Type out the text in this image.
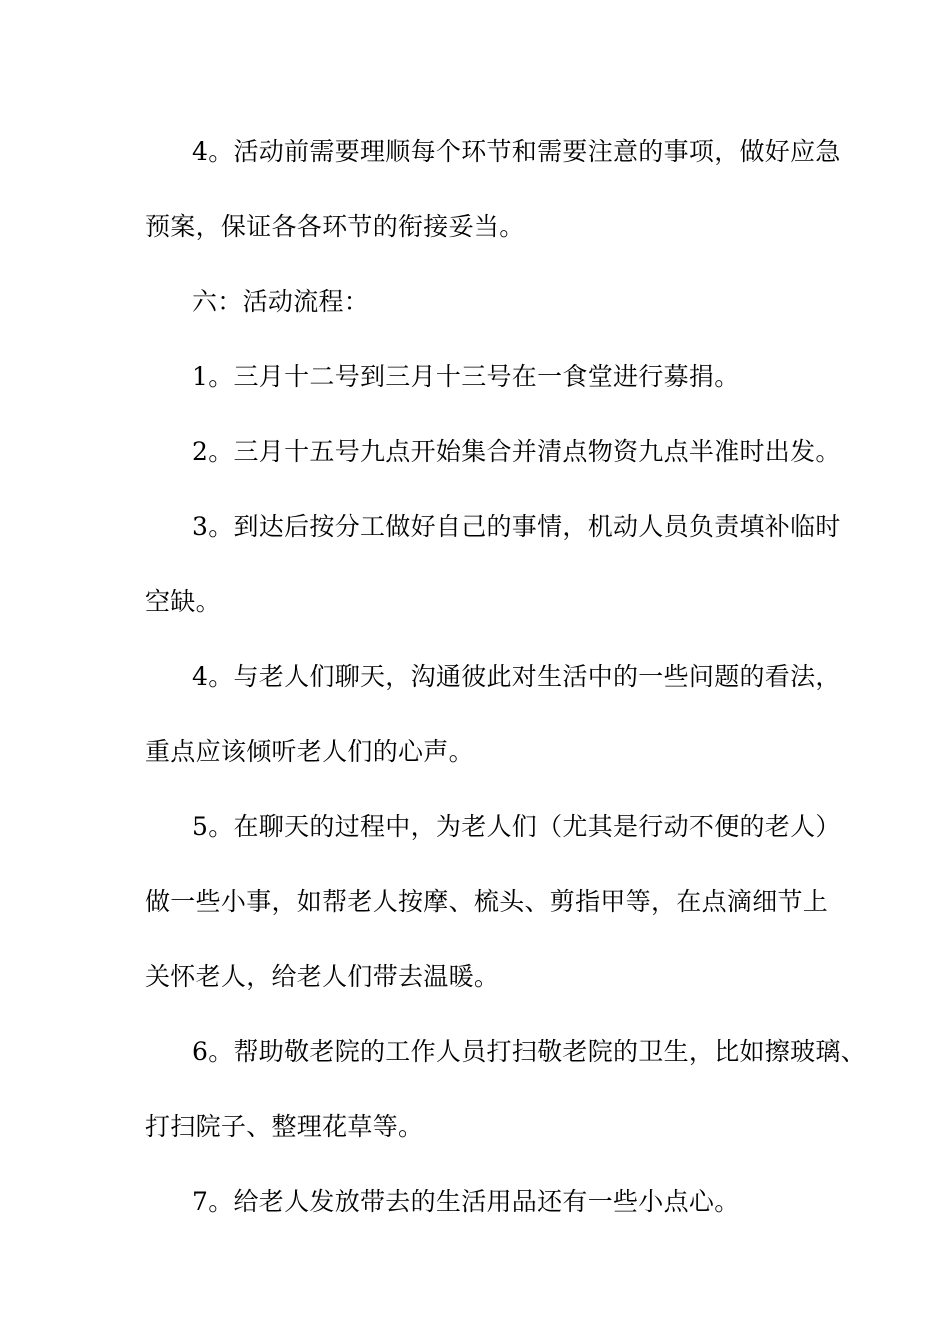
4。活动前需要理顺每个环节和需要注意的事项，做好应急
预案，保证各各环节的衔接妥当。
六：活动流程：
1。三月十二号到三月十三号在一食堂进行募捐。
2。三月十五号九点开始集合并清点物资九点半准时出发。
3。到达后按分工做好自己的事情，机动人员负责填补临时
空缺。
4。与老人们聊天，沟通彼此对生活中的一些问题的看法，
重点应该倾听老人们的心声。
5。在聊天的过程中，为老人们（尤其是行动不便的老人）
做一些小事，如帮老人按摩、梳头、剪指甲等，在点滴细节上
关怀老人，给老人们带去温暖。
6。帮助敬老院的工作人员打扫敬老院的卫生，比如擦玻璃、
打扫院子、整理花草等。
7。给老人发放带去的生活用品还有一些小点心。
